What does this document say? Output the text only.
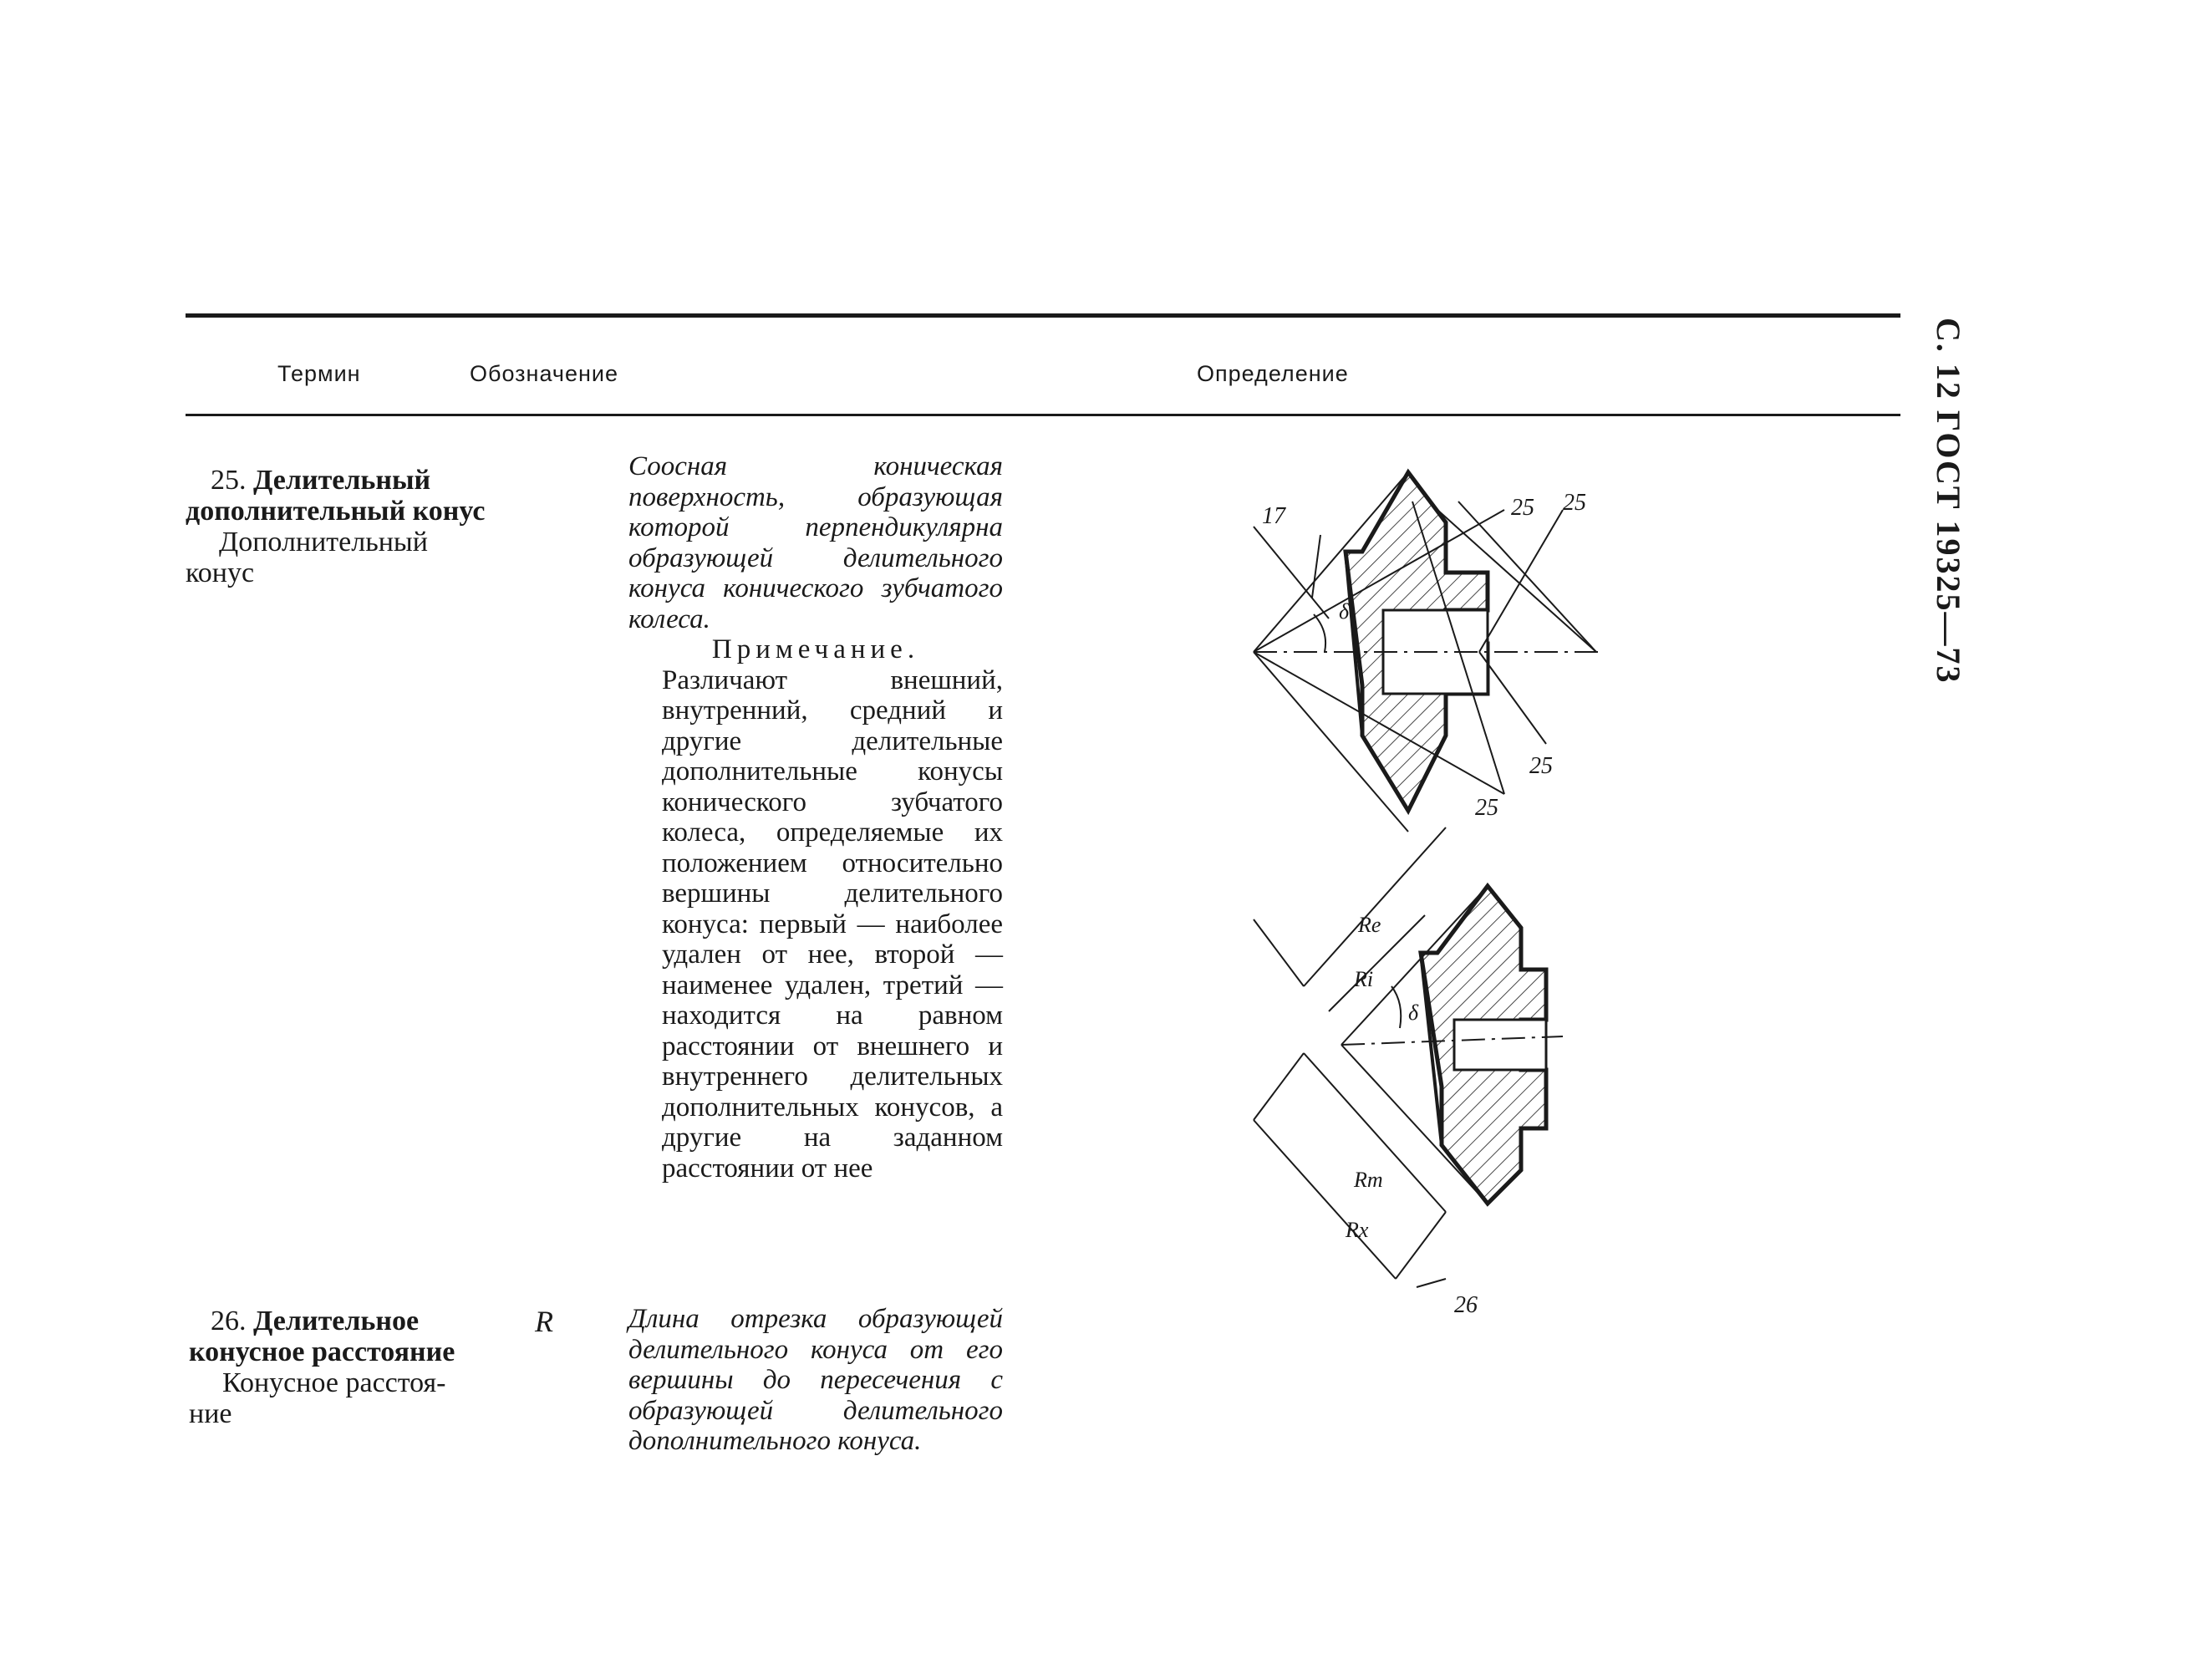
С. 12 ГОСТ 19325—73
Термин	Обозначение	Определение
25. Делительный
дополнительный конус
Дополнительный
конус

Соосная коническая поверхность, образующая которой перпендикулярна образующей делительного конуса конического зубчатого колеса.

Примечание.

Различают внешний, внутренний, средний и другие делительные дополнительные конусы конического зубчатого колеса, определяемые их положением относительно вершины делительного конуса: первый — наиболее удален от нее, второй — наименее удален, третий — находится на равном расстоянии от внешнего и внутреннего делительных дополнительных конусов, а другие на заданном расстоянии от нее

26. Делительное
конусное расстояние
Конусное расстоя-
ние
R	Длина отрезка образующей делительного конуса от его вершины до пересечения с образующей делительного дополнительного конуса.

17	25 25
25
25
26
δ
δ
Re
Ri
Rm
Rx
